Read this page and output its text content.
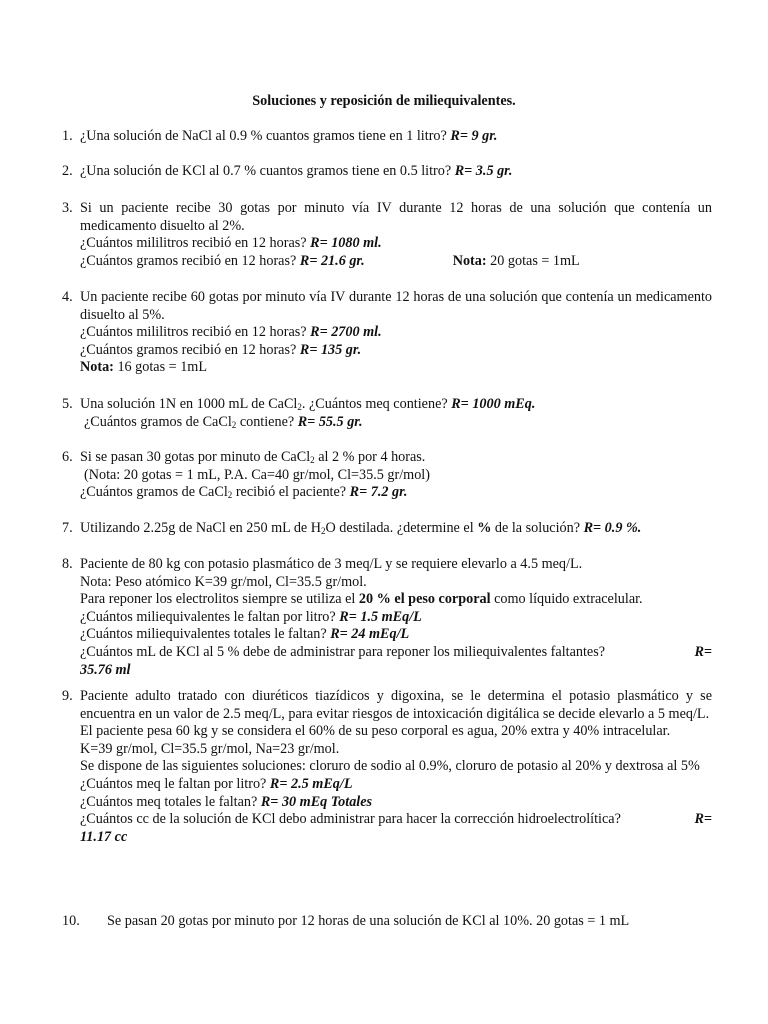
Soluciones y reposición de miliequivalentes.
1. ¿Una solución de NaCl al 0.9 % cuantos gramos tiene en 1 litro? R= 9 gr.
2. ¿Una solución de KCl al 0.7 % cuantos gramos tiene en 0.5 litro? R= 3.5 gr.
3. Si un paciente recibe 30 gotas por minuto vía IV durante 12 horas de una solución que contenía un medicamento disuelto al 2%.
¿Cuántos mililitros recibió en 12 horas? R= 1080 ml.
¿Cuántos gramos recibió en 12 horas? R= 21.6 gr.	Nota: 20 gotas = 1mL
4. Un paciente recibe 60 gotas por minuto vía IV durante 12 horas de una solución que contenía un medicamento disuelto al 5%.
¿Cuántos mililitros recibió en 12 horas? R= 2700 ml.
¿Cuántos gramos recibió en 12 horas? R= 135 gr.
Nota: 16 gotas = 1mL
5. Una solución 1N en 1000 mL de CaCl$_2$. ¿Cuántos meq contiene? R= 1000 mEq.
¿Cuántos gramos de CaCl$_2$ contiene? R= 55.5 gr.
6. Si se pasan 30 gotas por minuto de CaCl$_2$ al 2 % por 4 horas.
(Nota: 20 gotas = 1 mL, P.A. Ca=40 gr/mol, Cl=35.5 gr/mol)
¿Cuántos gramos de CaCl$_2$ recibió el paciente? R= 7.2 gr.
7. Utilizando 2.25g de NaCl en 250 mL de $H_2O$ destilada. ¿determine el % de la solución? R= 0.9 %.
8. Paciente de 80 kg con potasio plasmático de 3 meq/L y se requiere elevarlo a 4.5 meq/L.
Nota: Peso atómico K=39 gr/mol, Cl=35.5 gr/mol.
Para reponer los electrolitos siempre se utiliza el 20 % el peso corporal como líquido extracelular.
¿Cuántos miliequivalentes le faltan por litro? R= 1.5 mEq/L
¿Cuántos miliequivalentes totales le faltan? R= 24 mEq/L
¿Cuántos mL de KCl al 5 % debe de administrar para reponer los miliequivalentes faltantes?	R=
35.76 ml
9. Paciente adulto tratado con diuréticos tiazídicos y digoxina, se le determina el potasio plasmático y se encuentra en un valor de 2.5 meq/L, para evitar riesgos de intoxicación digitálica se decide elevarlo a 5 meq/L.
El paciente pesa 60 kg y se considera el 60% de su peso corporal es agua, 20% extra y 40% intracelular.
K=39 gr/mol, Cl=35.5 gr/mol, Na=23 gr/mol.
Se dispone de las siguientes soluciones: cloruro de sodio al 0.9%, cloruro de potasio al 20% y dextrosa al 5%
¿Cuántos meq le faltan por litro? R= 2.5 mEq/L
¿Cuántos meq totales le faltan? R= 30 mEq Totales
¿Cuántos cc de la solución de KCl debo administrar para hacer la corrección hidroelectrolítica?	R=
11.17 cc
10. Se pasan 20 gotas por minuto por 12 horas de una solución de KCl al 10%. 20 gotas = 1 mL
